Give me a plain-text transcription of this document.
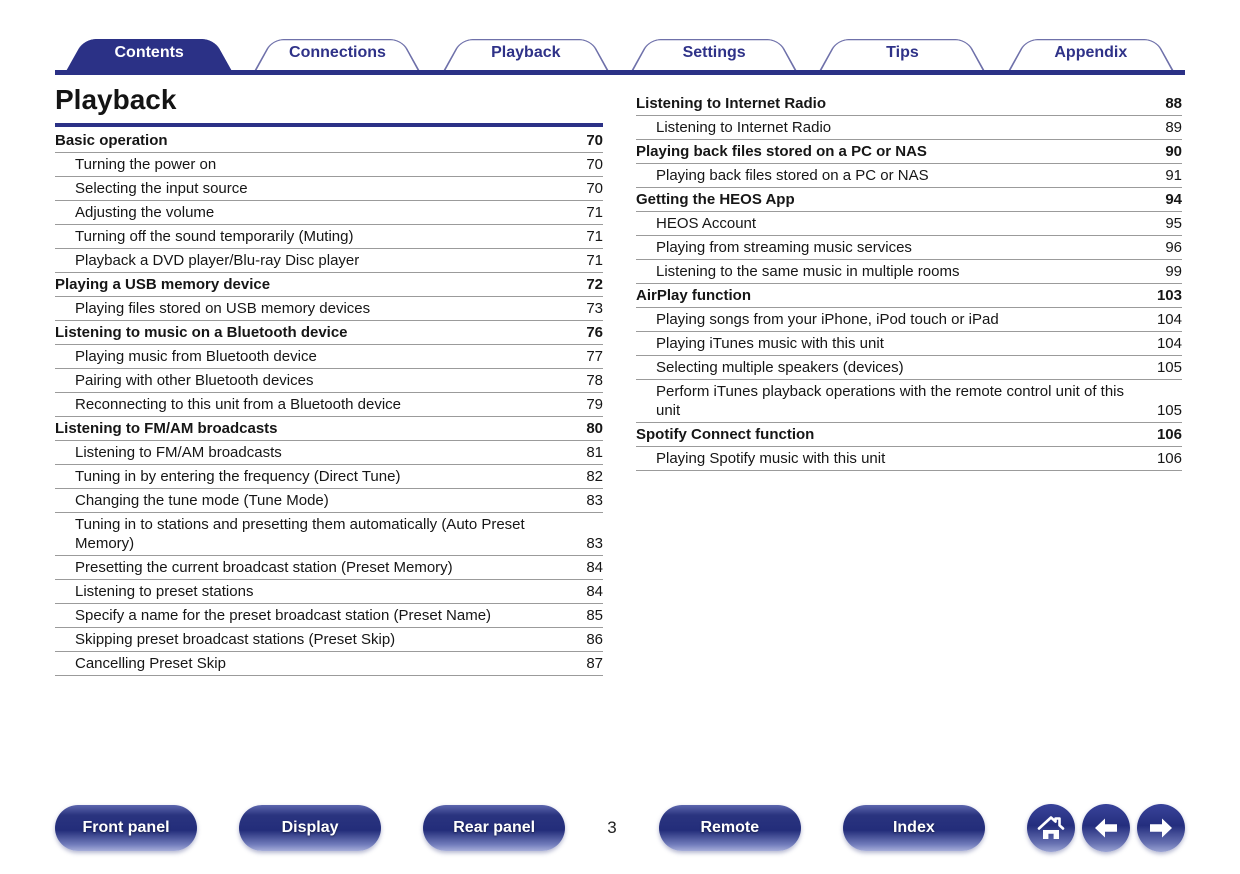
Contents	Connections	Playback	Settings	Tips	Appendix
Playback
Basic operation	70
Turning the power on	70
Selecting the input source	70
Adjusting the volume	71
Turning off the sound temporarily (Muting)	71
Playback a DVD player/Blu-ray Disc player	71
Playing a USB memory device	72
Playing files stored on USB memory devices	73
Listening to music on a Bluetooth device	76
Playing music from Bluetooth device	77
Pairing with other Bluetooth devices	78
Reconnecting to this unit from a Bluetooth device	79
Listening to FM/AM broadcasts	80
Listening to FM/AM broadcasts	81
Tuning in by entering the frequency (Direct Tune)	82
Changing the tune mode (Tune Mode)	83
Tuning in to stations and presetting them automatically (Auto Preset Memory)	83
Presetting the current broadcast station (Preset Memory)	84
Listening to preset stations	84
Specify a name for the preset broadcast station (Preset Name)	85
Skipping preset broadcast stations (Preset Skip)	86
Cancelling Preset Skip	87
Listening to Internet Radio	88
Listening to Internet Radio	89
Playing back files stored on a PC or NAS	90
Playing back files stored on a PC or NAS	91
Getting the HEOS App	94
HEOS Account	95
Playing from streaming music services	96
Listening to the same music in multiple rooms	99
AirPlay function	103
Playing songs from your iPhone, iPod touch or iPad	104
Playing iTunes music with this unit	104
Selecting multiple speakers (devices)	105
Perform iTunes playback operations with the remote control unit of this unit	105
Spotify Connect function	106
Playing Spotify music with this unit	106
Front panel	Display	Rear panel	3	Remote	Index
